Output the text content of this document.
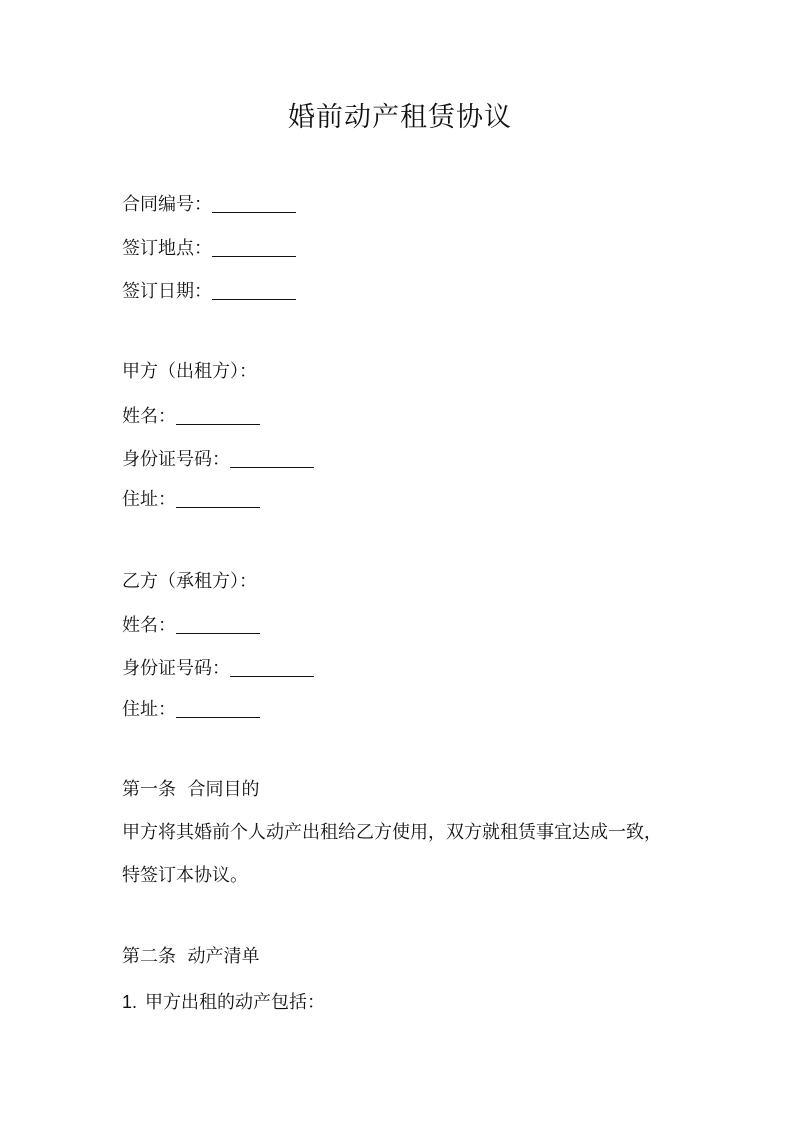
婚前动产租赁协议
合同编号：
签订地点：
签订日期：
甲方（出租方）：
姓名：
身份证号码：
住址：
乙方（承租方）：
姓名：
身份证号码：
住址：
第一条  合同目的
甲方将其婚前个人动产出租给乙方使用，双方就租赁事宜达成一致，
特签订本协议。
第二条  动产清单
1. 甲方出租的动产包括：
